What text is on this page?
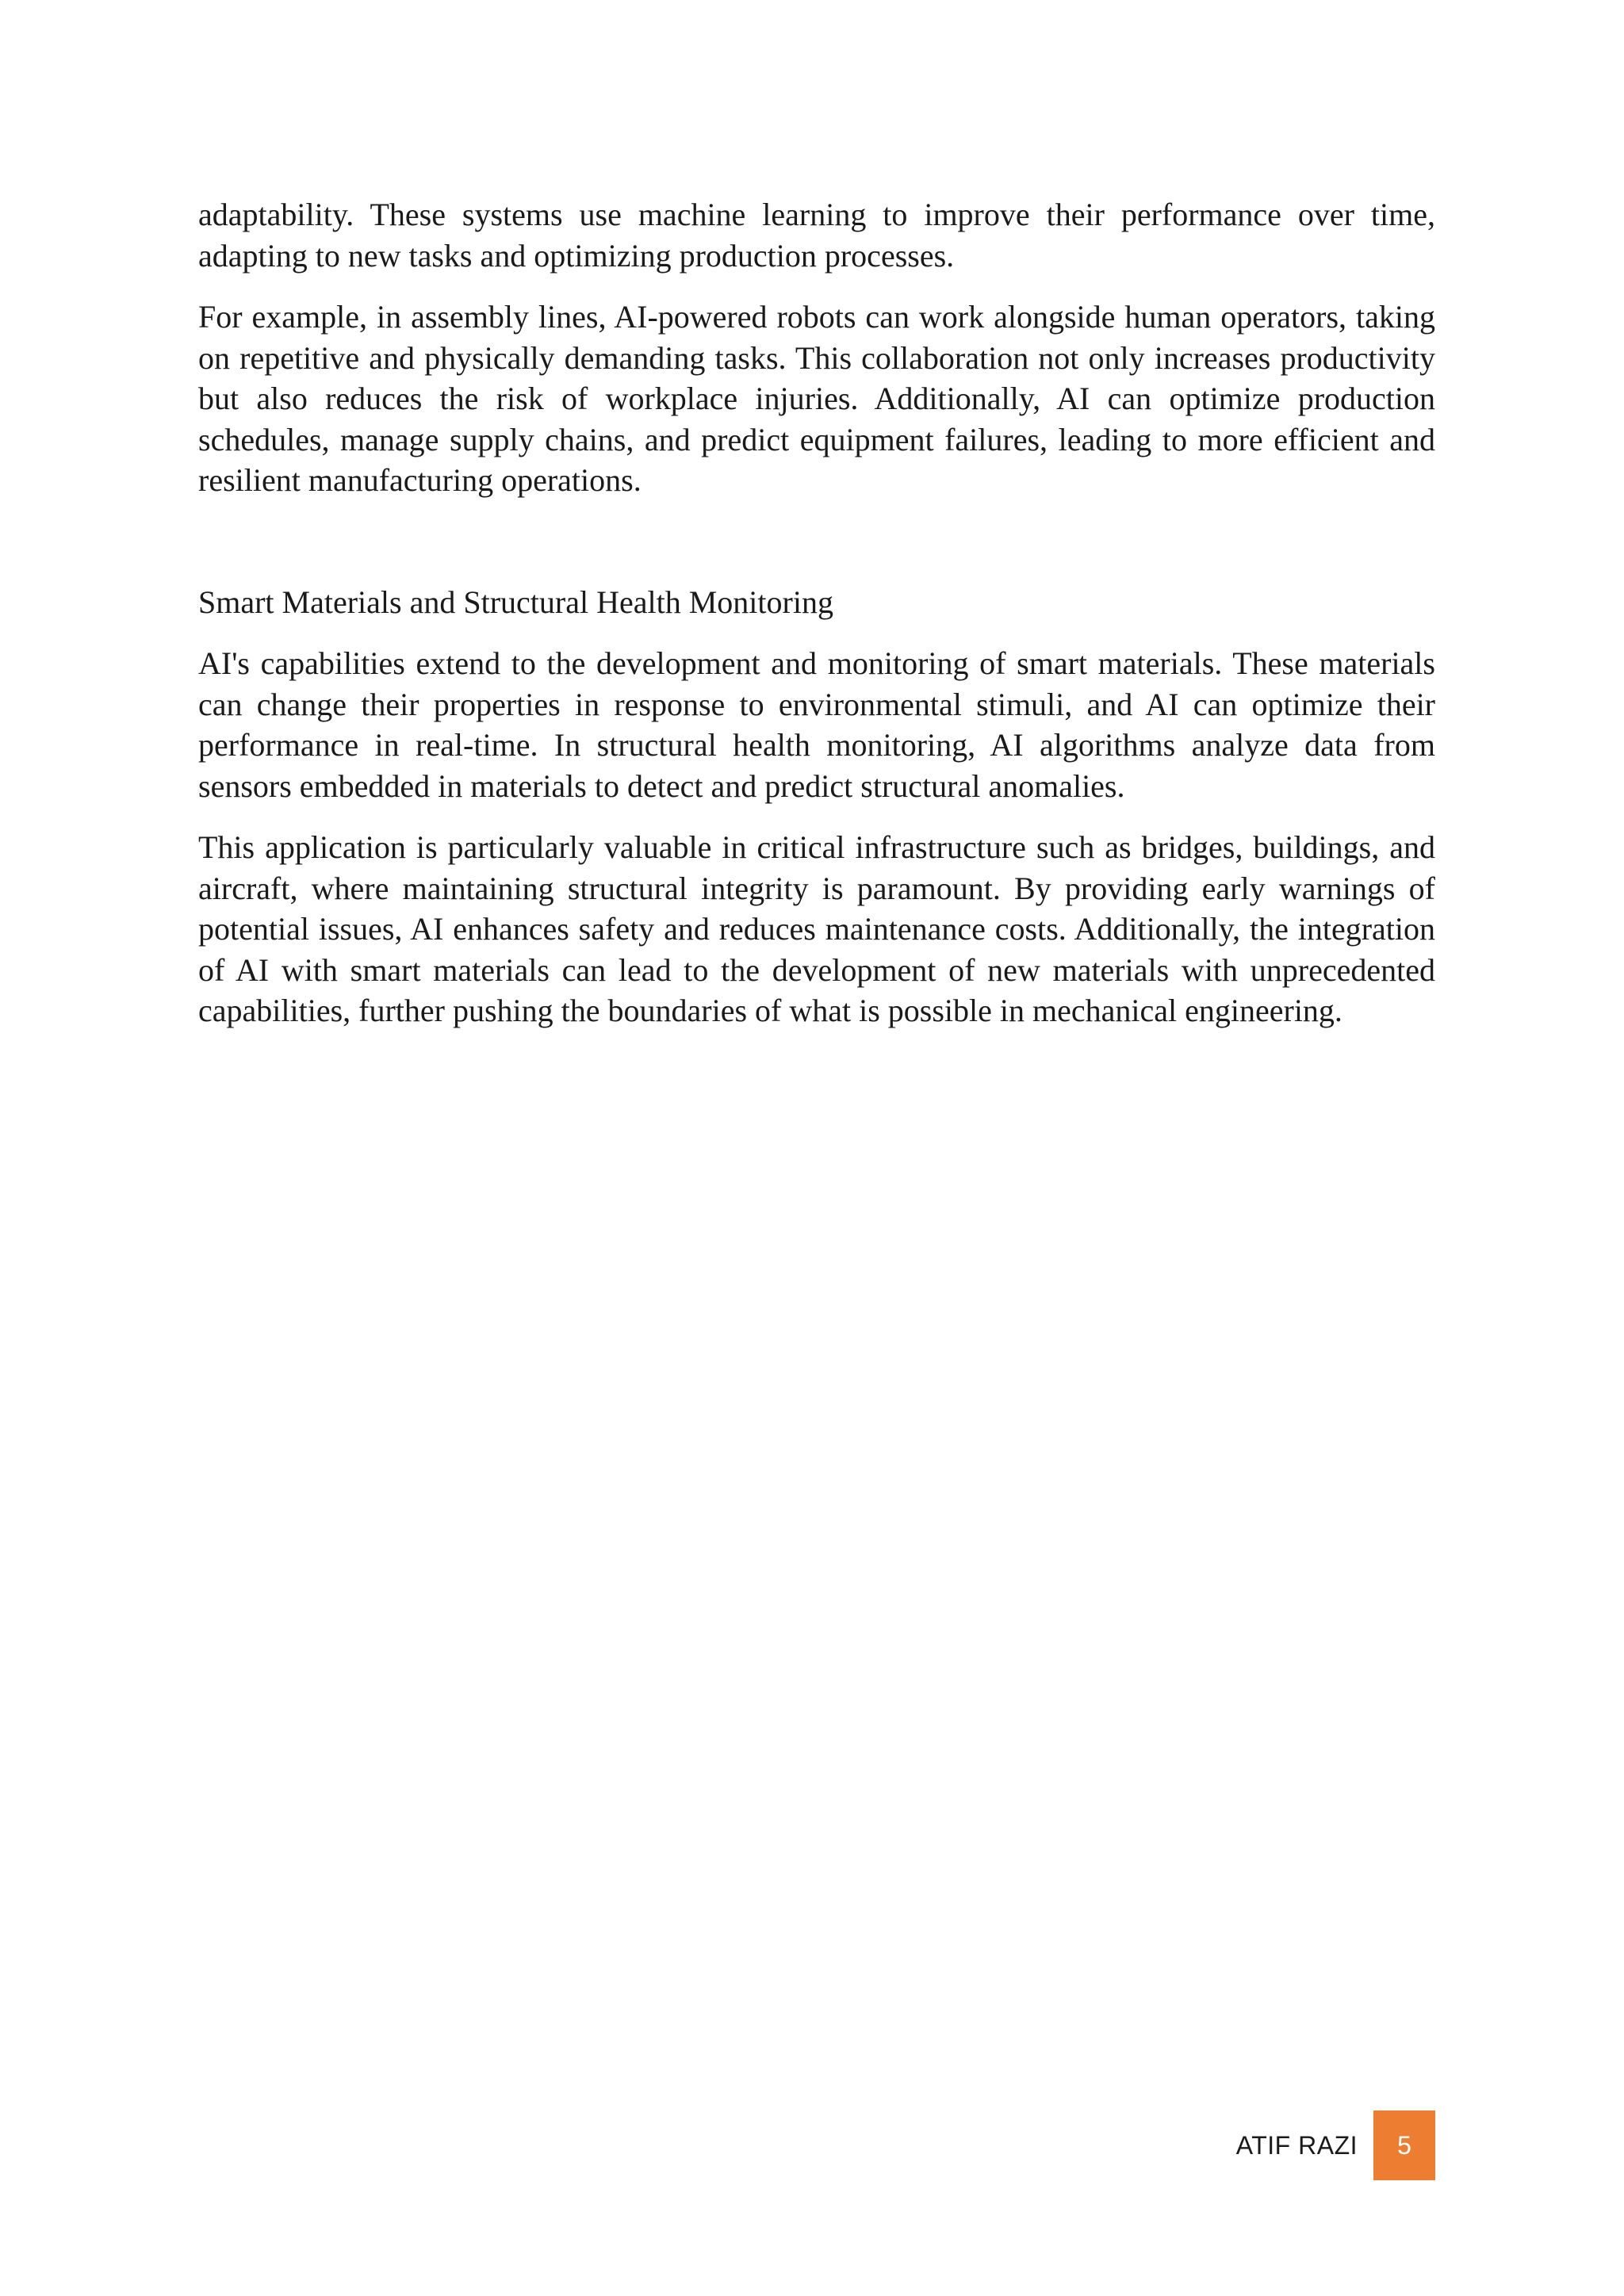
adaptability. These systems use machine learning to improve their performance over time, adapting to new tasks and optimizing production processes.

For example, in assembly lines, AI-powered robots can work alongside human operators, taking on repetitive and physically demanding tasks. This collaboration not only increases productivity but also reduces the risk of workplace injuries. Additionally, AI can optimize production schedules, manage supply chains, and predict equipment failures, leading to more efficient and resilient manufacturing operations.

Smart Materials and Structural Health Monitoring

AI's capabilities extend to the development and monitoring of smart materials. These materials can change their properties in response to environmental stimuli, and AI can optimize their performance in real-time. In structural health monitoring, AI algorithms analyze data from sensors embedded in materials to detect and predict structural anomalies.

This application is particularly valuable in critical infrastructure such as bridges, buildings, and aircraft, where maintaining structural integrity is paramount. By providing early warnings of potential issues, AI enhances safety and reduces maintenance costs. Additionally, the integration of AI with smart materials can lead to the development of new materials with unprecedented capabilities, further pushing the boundaries of what is possible in mechanical engineering.

ATIF RAZI 5
